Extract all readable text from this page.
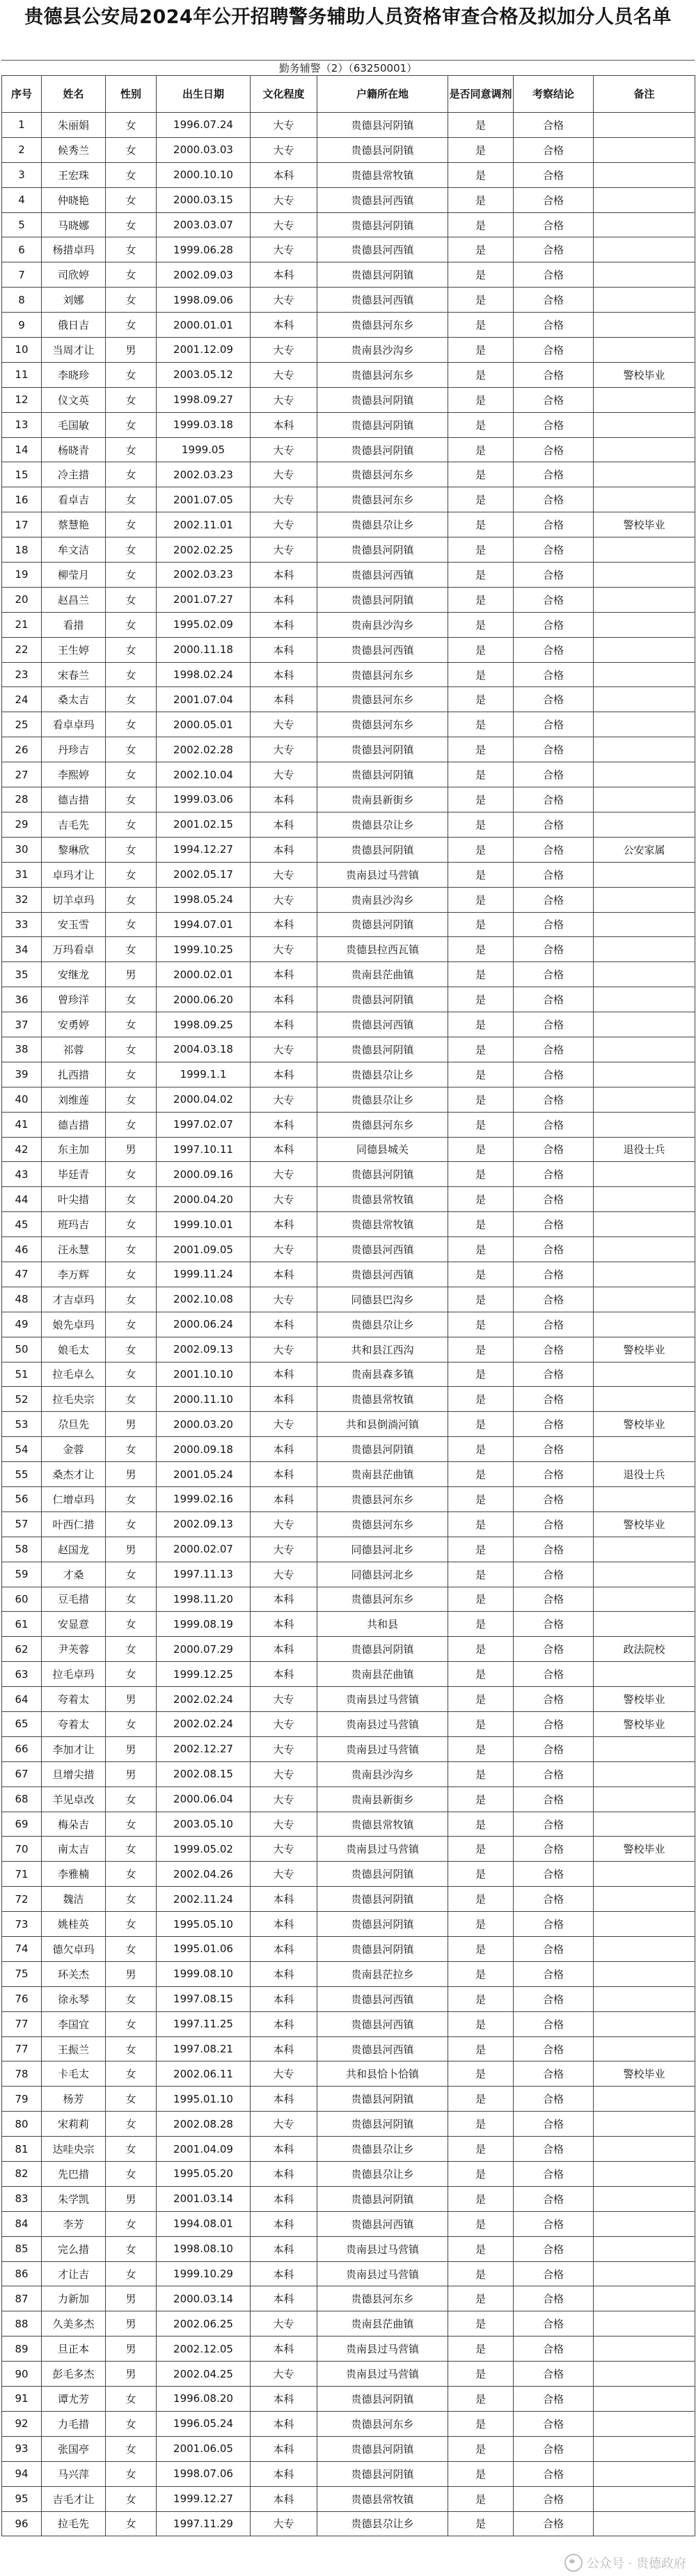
贵德县公安局2024年公开招聘警务辅助人员资格审查合格及拟加分人员名单
勤务辅警（2）（63250001）
序号	姓名	性别	出生日期	文化程度	户籍所在地	是否同意调剂	考察结论	备注
1	朱丽娟	女	1996.07.24	大专	贵德县河阴镇	是	合格	
2	候秀兰	女	2000.03.03	大专	贵德县河阴镇	是	合格	
3	王宏珠	女	2000.10.10	本科	贵德县常牧镇	是	合格	
4	仲晓艳	女	2000.03.15	大专	贵德县河西镇	是	合格	
5	马晓娜	女	2003.03.07	大专	贵德县河阴镇	是	合格	
6	杨措卓玛	女	1999.06.28	大专	贵德县河西镇	是	合格	
7	司欣婷	女	2002.09.03	本科	贵德县河阴镇	是	合格	
8	刘娜	女	1998.09.06	大专	贵德县河西镇	是	合格	
9	俄日吉	女	2000.01.01	本科	贵德县河东乡	是	合格	
10	当周才让	男	2001.12.09	大专	贵南县沙沟乡	是	合格	
11	李晓珍	女	2003.05.12	大专	贵德县河东乡	是	合格	警校毕业
12	仪文英	女	1998.09.27	大专	贵德县河阴镇	是	合格	
13	毛国敏	女	1999.03.18	本科	贵德县河阴镇	是	合格	
14	杨晓青	女	1999.05	大专	贵德县河阴镇	是	合格	
15	冷主措	女	2002.03.23	大专	贵德县河东乡	是	合格	
16	看卓吉	女	2001.07.05	大专	贵德县河东乡	是	合格	
17	蔡慧艳	女	2002.11.01	大专	贵德县尕让乡	是	合格	警校毕业
18	牟文洁	女	2002.02.25	大专	贵德县河阴镇	是	合格	
19	柳莹月	女	2002.03.23	本科	贵德县河西镇	是	合格	
20	赵昌兰	女	2001.07.27	本科	贵德县河阴镇	是	合格	
21	看措	女	1995.02.09	本科	贵南县沙沟乡	是	合格	
22	王生婷	女	2000.11.18	本科	贵德县河西镇	是	合格	
23	宋春兰	女	1998.02.24	本科	贵德县河东乡	是	合格	
24	桑太吉	女	2001.07.04	本科	贵德县河东乡	是	合格	
25	看卓卓玛	女	2000.05.01	大专	贵德县河东乡	是	合格	
26	丹珍吉	女	2002.02.28	大专	贵德县河阴镇	是	合格	
27	李熙婷	女	2002.10.04	大专	贵德县河阴镇	是	合格	
28	德吉措	女	1999.03.06	本科	贵南县新街乡	是	合格	
29	吉毛先	女	2001.02.15	本科	贵德县尕让乡	是	合格	
30	黎琳欣	女	1994.12.27	本科	贵德县河阴镇	是	合格	公安家属
31	卓玛才让	女	2002.05.17	大专	贵南县过马营镇	是	合格	
32	切羊卓玛	女	1998.05.24	大专	贵南县沙沟乡	是	合格	
33	安玉雪	女	1994.07.01	本科	贵德县河阴镇	是	合格	
34	万玛看卓	女	1999.10.25	大专	贵德县拉西瓦镇	是	合格	
35	安继龙	男	2000.02.01	本科	贵南县茫曲镇	是	合格	
36	曾珍洋	女	2000.06.20	本科	贵德县河阴镇	是	合格	
37	安勇婷	女	1998.09.25	本科	贵德县河西镇	是	合格	
38	祁蓉	女	2004.03.18	大专	贵德县河阴镇	是	合格	
39	扎西措	女	1999.1.1	本科	贵德县尕让乡	是	合格	
40	刘维莲	女	2000.04.02	大专	贵德县尕让乡	是	合格	
41	德吉措	女	1997.02.07	本科	贵德县河东乡	是	合格	
42	东主加	男	1997.10.11	本科	同德县城关	是	合格	退役士兵
43	毕廷青	女	2000.09.16	大专	贵德县河阴镇	是	合格	
44	叶尖措	女	2000.04.20	大专	贵德县常牧镇	是	合格	
45	班玛吉	女	1999.10.01	本科	贵德县常牧镇	是	合格	
46	汪永慧	女	2001.09.05	大专	贵德县河西镇	是	合格	
47	李万辉	女	1999.11.24	本科	贵德县河西镇	是	合格	
48	才吉卓玛	女	2002.10.08	大专	同德县巴沟乡	是	合格	
49	娘先卓玛	女	2000.06.24	本科	贵德县尕让乡	是	合格	
50	娘毛太	女	2002.09.13	大专	共和县江西沟	是	合格	警校毕业
51	拉毛卓么	女	2001.10.10	本科	贵南县森多镇	是	合格	
52	拉毛央宗	女	2000.11.10	本科	贵德县常牧镇	是	合格	
53	尕旦先	男	2000.03.20	大专	共和县倒淌河镇	是	合格	警校毕业
54	金蓉	女	2000.09.18	本科	贵德县河阴镇	是	合格	
55	桑杰才让	男	2001.05.24	本科	贵南县茫曲镇	是	合格	退役士兵
56	仁增卓玛	女	1999.02.16	本科	贵德县河东乡	是	合格	
57	叶西仁措	女	2002.09.13	大专	贵德县河东乡	是	合格	警校毕业
58	赵国龙	男	2000.02.07	大专	同德县河北乡	是	合格	
59	才桑	女	1997.11.13	大专	同德县河北乡	是	合格	
60	豆毛措	女	1998.11.20	本科	贵德县河东乡	是	合格	
61	安显意	女	1999.08.19	本科	共和县	是	合格	
62	尹芙蓉	女	2000.07.29	本科	贵德县河阴镇	是	合格	政法院校
63	拉毛卓玛	女	1999.12.25	本科	贵南县茫曲镇	是	合格	
64	夸着太	男	2002.02.24	大专	贵南县过马营镇	是	合格	警校毕业
65	夸着太	女	2002.02.24	大专	贵南县过马营镇	是	合格	警校毕业
66	李加才让	男	2002.12.27	大专	贵南县过马营镇	是	合格	
67	旦增尖措	男	2002.08.15	大专	贵南县沙沟乡	是	合格	
68	羊见卓改	女	2000.06.04	大专	贵南县新街乡	是	合格	
69	梅朵吉	女	2003.05.10	大专	贵德县常牧镇	是	合格	
70	南太吉	女	1999.05.02	大专	贵南县过马营镇	是	合格	警校毕业
71	李雅楠	女	2002.04.26	大专	贵德县河阴镇	是	合格	
72	魏洁	女	2002.11.24	本科	贵德县河阴镇	是	合格	
73	姚桂英	女	1995.05.10	本科	贵德县河阴镇	是	合格	
74	德欠卓玛	女	1995.01.06	本科	贵德县河阴镇	是	合格	
75	环关杰	男	1999.08.10	本科	贵南县茫拉乡	是	合格	
76	徐永琴	女	1997.08.15	本科	贵德县河西镇	是	合格	
77	李国宜	女	1997.11.25	本科	贵德县河西镇	是	合格	
77	王振兰	女	1997.08.21	本科	贵德县河西镇	是	合格	
78	卡毛太	女	2002.06.11	大专	共和县恰卜恰镇	是	合格	警校毕业
79	杨芳	女	1995.01.10	本科	贵德县河阴镇	是	合格	
80	宋莉莉	女	2002.08.28	大专	贵德县河阴镇	是	合格	
81	达哇央宗	女	2001.04.09	本科	贵德县尕让乡	是	合格	
82	先巴措	女	1995.05.20	本科	贵德县尕让乡	是	合格	
83	朱学凯	男	2001.03.14	本科	贵德县河阴镇	是	合格	
84	李芳	女	1994.08.01	本科	贵德县河西镇	是	合格	
85	完么措	女	1998.08.10	本科	贵南县过马营镇	是	合格	
86	才让吉	女	1999.10.29	本科	贵南县过马营镇	是	合格	
87	力新加	男	2000.03.14	本科	贵德县河东乡	是	合格	
88	久美多杰	男	2002.06.25	大专	贵南县茫曲镇	是	合格	
89	旦正本	男	2002.12.05	本科	贵南县过马营镇	是	合格	
90	彭毛多杰	男	2002.04.25	大专	贵南县过马营镇	是	合格	
91	谭尤芳	女	1996.08.20	本科	贵德县河阴镇	是	合格	
92	力毛措	女	1996.05.24	本科	贵德县河东乡	是	合格	
93	张国亭	女	2001.06.05	本科	贵德县河阴镇	是	合格	
94	马兴萍	女	1998.07.06	本科	贵德县河阴镇	是	合格	
95	吉毛才让	女	1999.12.27	本科	贵德县常牧镇	是	合格	
96	拉毛先	女	1997.11.29	大专	贵德县尕让乡	是	合格	
公众号 · 贵德政府
